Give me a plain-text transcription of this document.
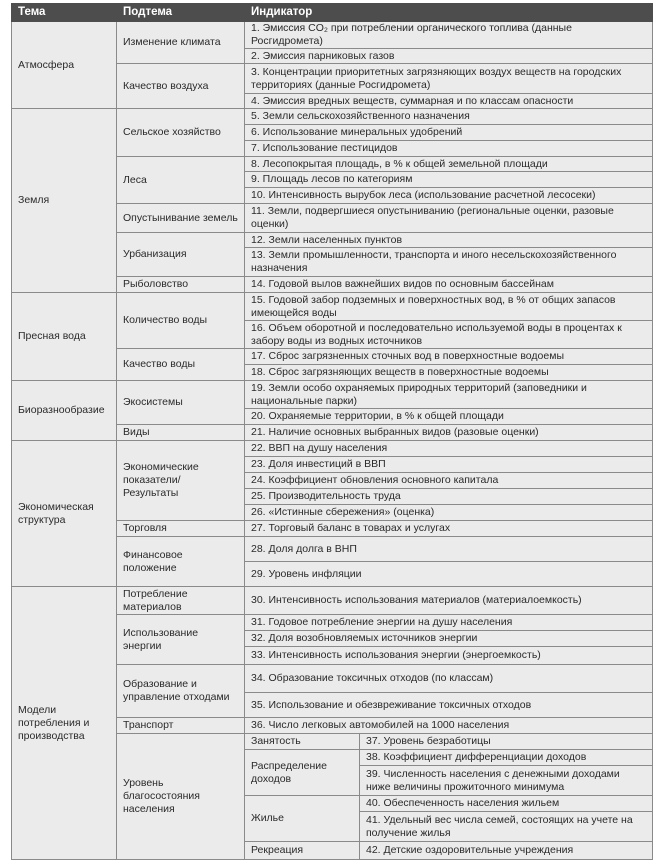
Тема	Подтема	Индикатор	
Атмосфера	Изменение климата	1. Эмиссия CO₂ при потреблении органического топлива (данные Росгидромета)	
		2. Эмиссия парниковых газов	
	Качество воздуха	3. Концентрации приоритетных загрязняющих воздух веществ на городских территориях (данные Росгидромета)	
		4. Эмиссия вредных веществ, суммарная и по классам опасности	
Земля	Сельское хозяйство	5. Земли сельскохозяйственного назначения	
		6. Использование минеральных удобрений	
		7. Использование пестицидов	
	Леса	8. Лесопокрытая площадь, в % к общей земельной площади	
		9. Площадь лесов по категориям	
		10. Интенсивность вырубок леса (использование расчетной лесосеки)	
	Опустынивание земель	11. Земли, подвергшиеся опустыниванию (региональные оценки, разовые оценки)	
	Урбанизация	12. Земли населенных пунктов	
		13. Земли промышленности, транспорта и иного несельскохозяйственного назначения	
	Рыболовство	14. Годовой вылов важнейших видов по основным бассейнам	
Пресная вода	Количество воды	15. Годовой забор подземных и поверхностных вод, в % от общих запасов имеющейся воды	
		16. Объем оборотной и последовательно используемой воды в процентах к забору воды из водных источников	
	Качество воды	17. Сброс загрязненных сточных вод в поверхностные водоемы	
		18. Сброс загрязняющих веществ в поверхностные водоемы	
Биоразнообразие	Экосистемы	19. Земли особо охраняемых природных территорий (заповедники и национальные парки)	
		20. Охраняемые территории, в % к общей площади	
	Виды	21. Наличие основных выбранных видов (разовые оценки)	
Экономическая структура	Экономические показатели/ Результаты	22. ВВП на душу населения	
		23. Доля инвестиций в ВВП	
		24. Коэффициент обновления основного капитала	
		25. Производительность труда	
		26. «Истинные сбережения» (оценка)	
	Торговля	27. Торговый баланс в товарах и услугах	
	Финансовое положение	28. Доля долга в ВНП	
		29. Уровень инфляции	
Модели потребления и производства	Потребление материалов	30. Интенсивность использования материалов (материалоемкость)	
	Использование энергии	31. Годовое потребление энергии на душу населения	
		32. Доля возобновляемых источников энергии	
		33. Интенсивность использования энергии (энергоемкость)	
	Образование и управление отходами	34. Образование токсичных отходов (по классам)	
		35. Использование и обезвреживание токсичных отходов	
	Транспорт	36. Число легковых автомобилей на 1000 населения	
	Уровень благосостояния населения	Занятость	37. Уровень безработицы
		Распределение доходов	38. Коэффициент дифференциации доходов
			39. Численность населения с денежными доходами ниже величины прожиточного минимума
		Жилье	40. Обеспеченность населения жильем
			41. Удельный вес числа семей, состоящих на учете на получение жилья
		Рекреация	42. Детские оздоровительные учреждения
